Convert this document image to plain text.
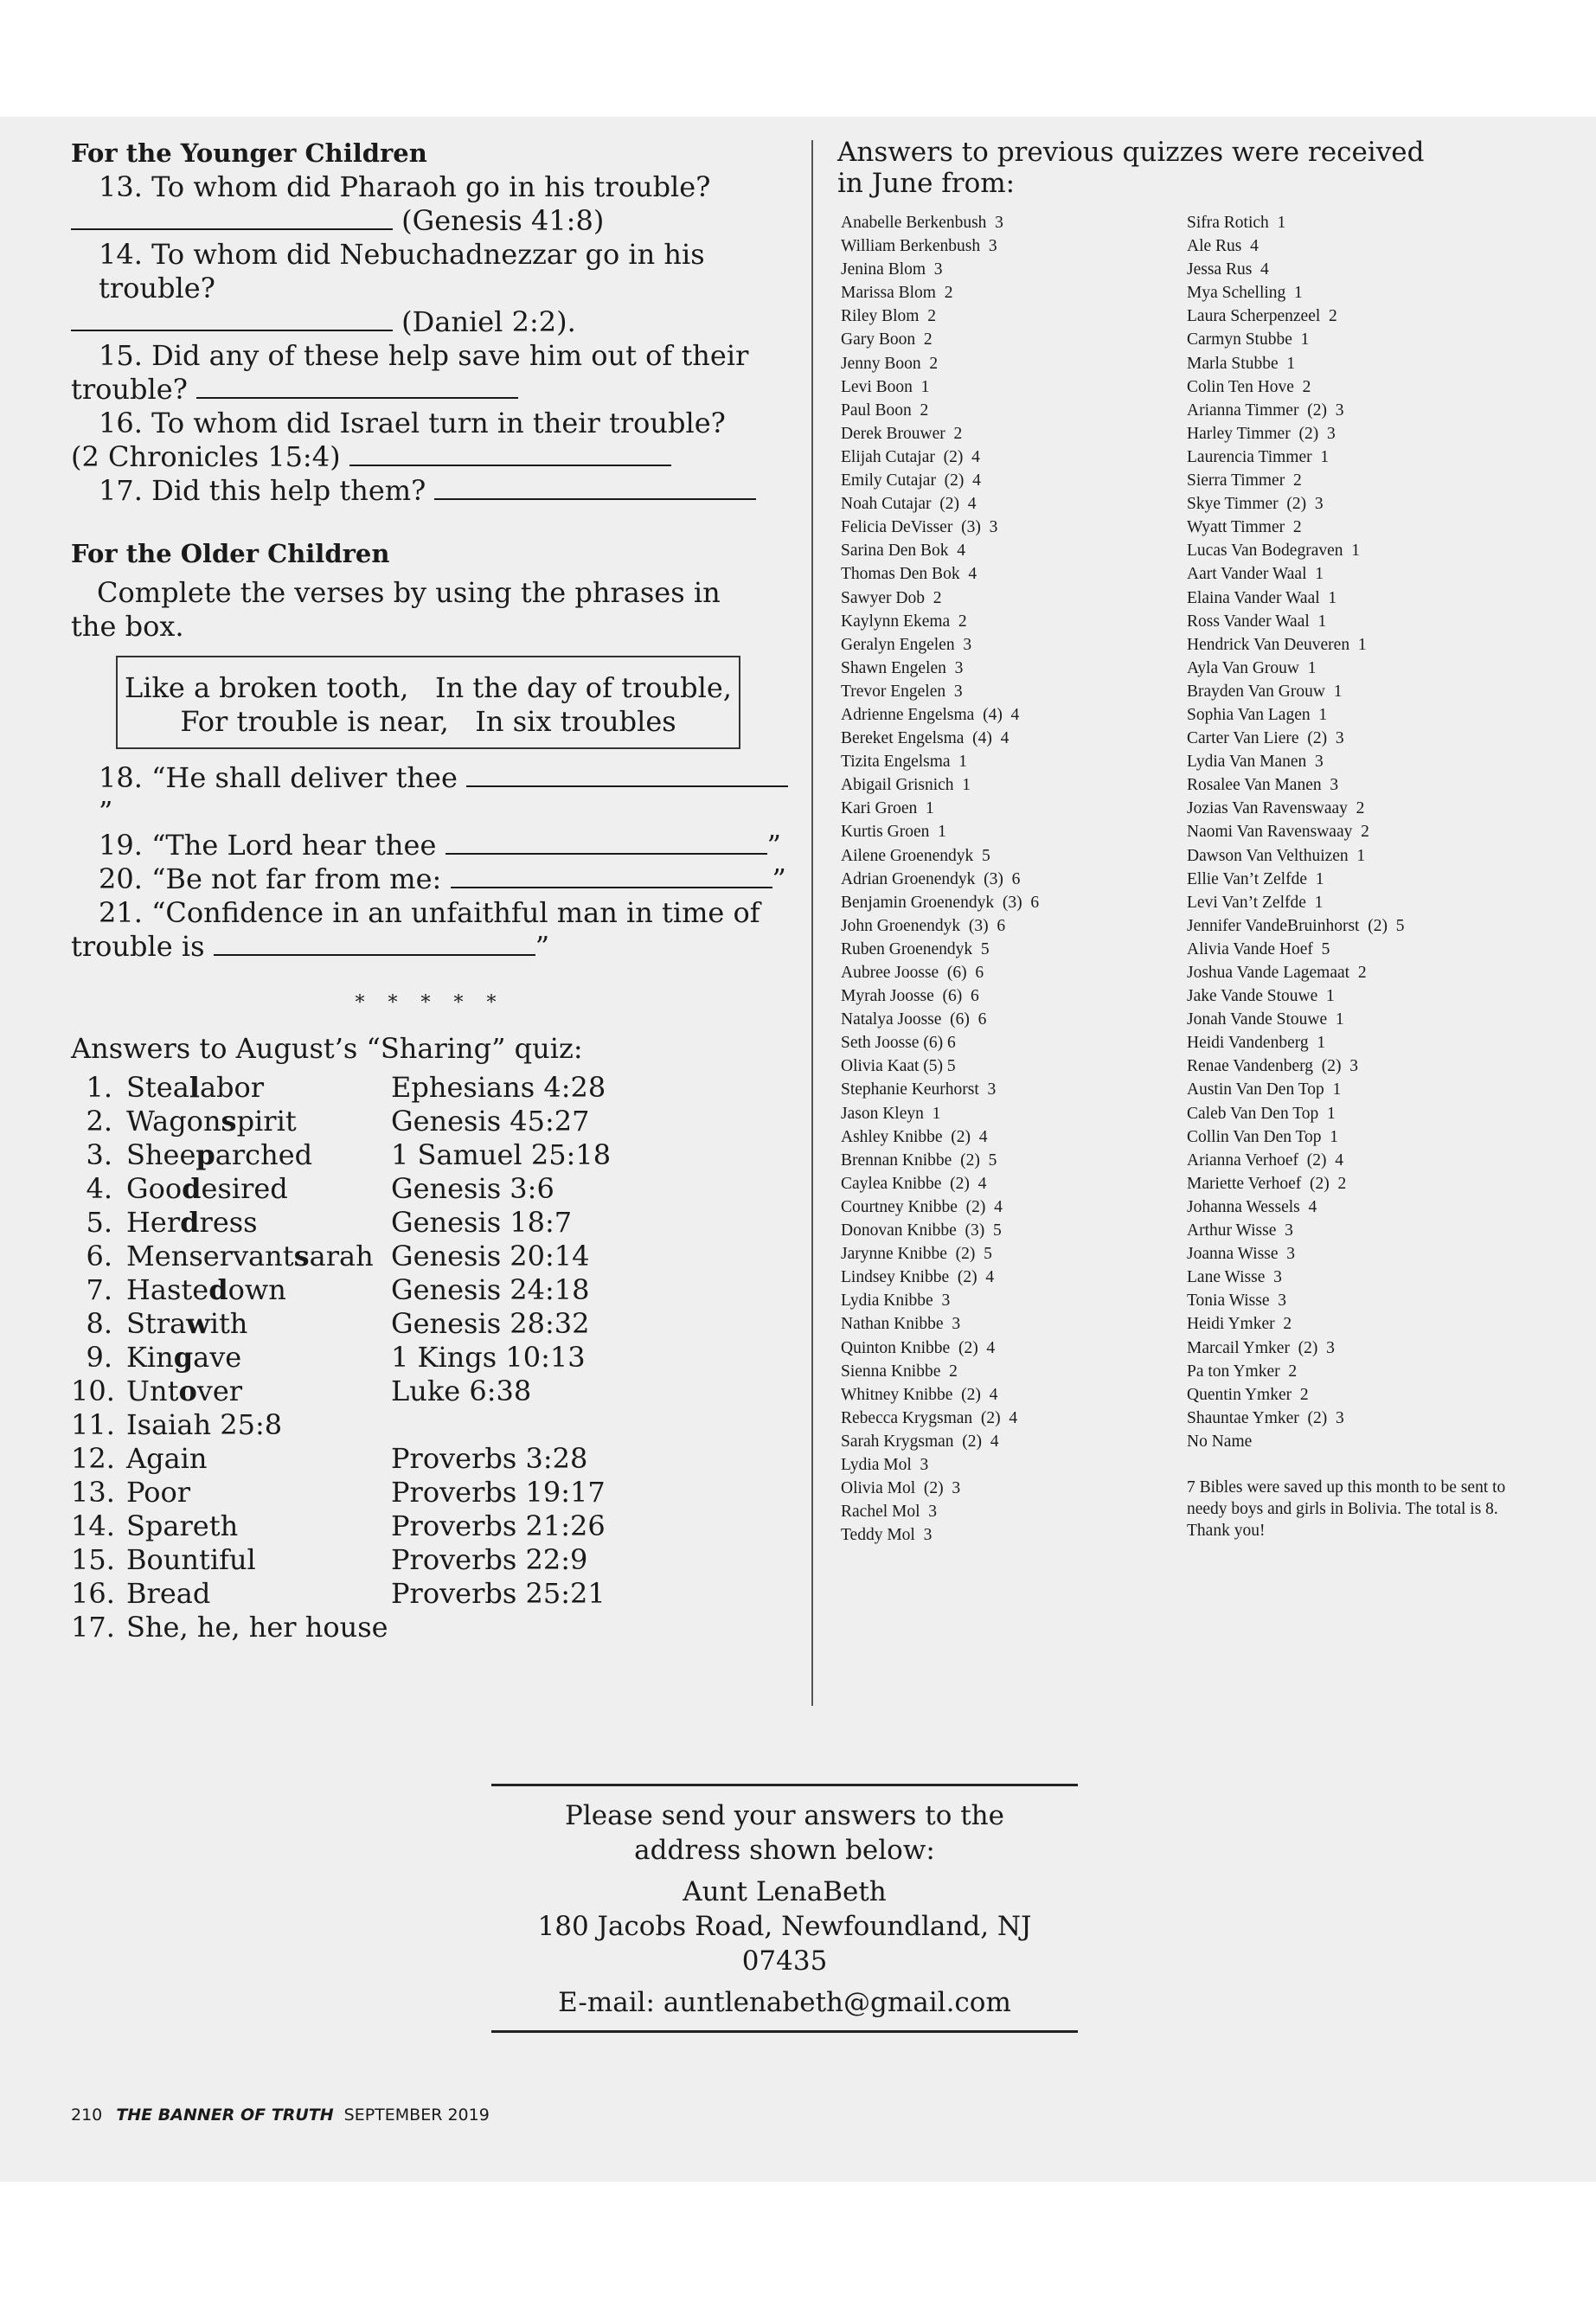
For the Younger Children

13. To whom did Pharaoh go in his trouble?

(Genesis 41:8)

14. To whom did Nebuchadnezzar go in his trouble?

(Daniel 2:2).

15. Did any of these help save him out of their

trouble?

16. To whom did Israel turn in their trouble?

(2 Chronicles 15:4)

17. Did this help them?

For the Older Children

Complete the verses by using the phrases in

the box.

Like a broken tooth,   In the day of trouble,
For trouble is near,   In six troubles

18. “He shall deliver thee ”

19. “The Lord hear thee	”

20. “Be not far from me:	”

21. “Confidence in an unfaithful man in time of

trouble is	”

* * * * *

Answers to August’s “Sharing” quiz:

1. Stealabor	Ephesians 4:28
2. Wagonspirit	Genesis 45:27
3. Sheeparched	1 Samuel 25:18
4. Goodesired	Genesis 3:6
5. Herdress	Genesis 18:7
6. Menservantsarah Genesis 20:14
7. Hastedown	Genesis 24:18
8. Strawith	Genesis 28:32
9. Kingave	1 Kings 10:13
10. Untover	Luke 6:38
11. Isaiah 25:8
12. Again	Proverbs 3:28
13. Poor	Proverbs 19:17
14. Spareth	Proverbs 21:26
15. Bountiful	Proverbs 22:9
16. Bread	Proverbs 25:21
17. She, he, her house

Answers to previous quizzes were received

in June from:

Anabelle Berkenbush  3
William Berkenbush  3
Jenina Blom  3
Marissa Blom  2
Riley Blom  2
Gary Boon  2
Jenny Boon  2
Levi Boon  1
Paul Boon  2
Derek Brouwer  2
Elijah Cutajar  (2)  4
Emily Cutajar  (2)  4
Noah Cutajar  (2)  4
Felicia DeVisser  (3)  3
Sarina Den Bok  4
Thomas Den Bok  4
Sawyer Dob  2
Kaylynn Ekema  2
Geralyn Engelen  3
Shawn Engelen  3
Trevor Engelen  3
Adrienne Engelsma  (4)  4
Bereket Engelsma  (4)  4
Tizita Engelsma  1
Abigail Grisnich  1
Kari Groen  1
Kurtis Groen  1
Ailene Groenendyk  5
Adrian Groenendyk  (3)  6
Benjamin Groenendyk  (3)  6
John Groenendyk  (3)  6
Ruben Groenendyk  5
Aubree Joosse  (6)  6
Myrah Joosse  (6)  6
Natalya Joosse  (6)  6
Seth Joosse (6) 6
Olivia Kaat (5) 5
Stephanie Keurhorst  3
Jason Kleyn  1
Ashley Knibbe  (2)  4
Brennan Knibbe  (2)  5
Caylea Knibbe  (2)  4
Courtney Knibbe  (2)  4
Donovan Knibbe  (3)  5
Jarynne Knibbe  (2)  5
Lindsey Knibbe  (2)  4
Lydia Knibbe  3
Nathan Knibbe  3
Quinton Knibbe  (2)  4
Sienna Knibbe  2
Whitney Knibbe  (2)  4
Rebecca Krygsman  (2)  4
Sarah Krygsman  (2)  4
Lydia Mol  3
Olivia Mol  (2)  3
Rachel Mol  3
Teddy Mol  3
Sifra Rotich  1
Ale Rus  4
Jessa Rus  4
Mya Schelling  1
Laura Scherpenzeel  2
Carmyn Stubbe  1
Marla Stubbe  1
Colin Ten Hove  2
Arianna Timmer  (2)  3
Harley Timmer  (2)  3
Laurencia Timmer  1
Sierra Timmer  2
Skye Timmer  (2)  3
Wyatt Timmer  2
Lucas Van Bodegraven  1
Aart Vander Waal  1
Elaina Vander Waal  1
Ross Vander Waal  1
Hendrick Van Deuveren  1
Ayla Van Grouw  1
Brayden Van Grouw  1
Sophia Van Lagen  1
Carter Van Liere  (2)  3
Lydia Van Manen  3
Rosalee Van Manen  3
Jozias Van Ravenswaay  2
Naomi Van Ravenswaay  2
Dawson Van Velthuizen  1
Ellie Van’t Zelfde  1
Levi Van’t Zelfde  1
Jennifer VandeBruinhorst  (2)  5
Alivia Vande Hoef  5
Joshua Vande Lagemaat  2
Jake Vande Stouwe  1
Jonah Vande Stouwe  1
Heidi Vandenberg  1
Renae Vandenberg  (2)  3
Austin Van Den Top  1
Caleb Van Den Top  1
Collin Van Den Top  1
Arianna Verhoef  (2)  4
Mariette Verhoef  (2)  2
Johanna Wessels  4
Arthur Wisse  3
Joanna Wisse  3
Lane Wisse  3
Tonia Wisse  3
Heidi Ymker  2
Marcail Ymker  (2)  3
Pa ton Ymker  2
Quentin Ymker  2
Shauntae Ymker  (2)  3
No Name
7 Bibles were saved up this month to be sent to needy boys and girls in Bolivia. The total is 8. Thank you!
Please send your answers to the
address shown below:
Aunt LenaBeth
180 Jacobs Road, Newfoundland, NJ 07435
E-mail: auntlenabeth@gmail.com
210 THE BANNER OF TRUTH SEPTEMBER 2019
